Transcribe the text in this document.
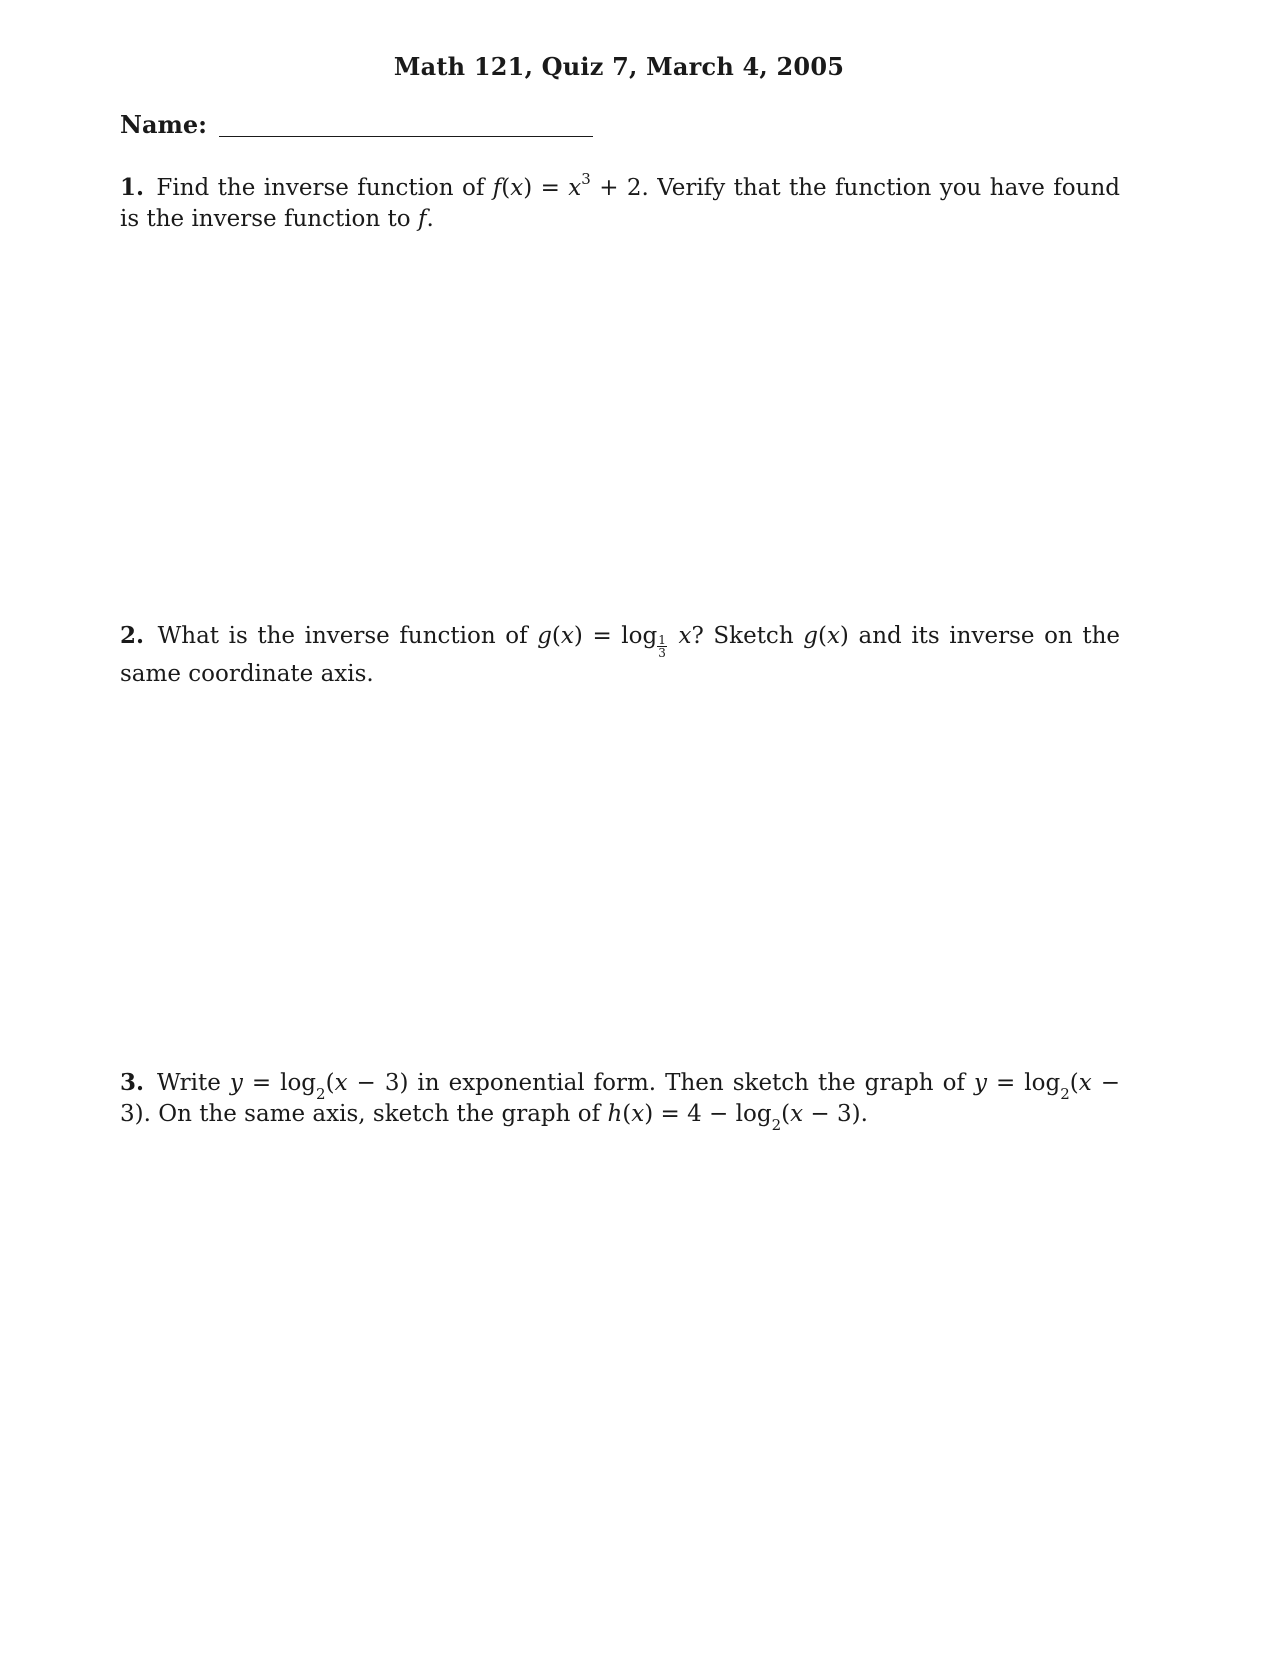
Math 121, Quiz 7, March 4, 2005
Name:
1. Find the inverse function of $f(x) = x^3 + 2$. Verify that the function you have found is the inverse function to f.
2. What is the inverse function of $g(x) = \log \frac{1}{3} x$? Sketch g(x) and its inverse on the same coordinate axis.
3. Write $y = \log_2(x - 3)$ in exponential form. Then sketch the graph of $y = \log_2(x - 3)$. On the same axis, sketch the graph of $h(x) = 4 - \log_2(x - 3)$.
